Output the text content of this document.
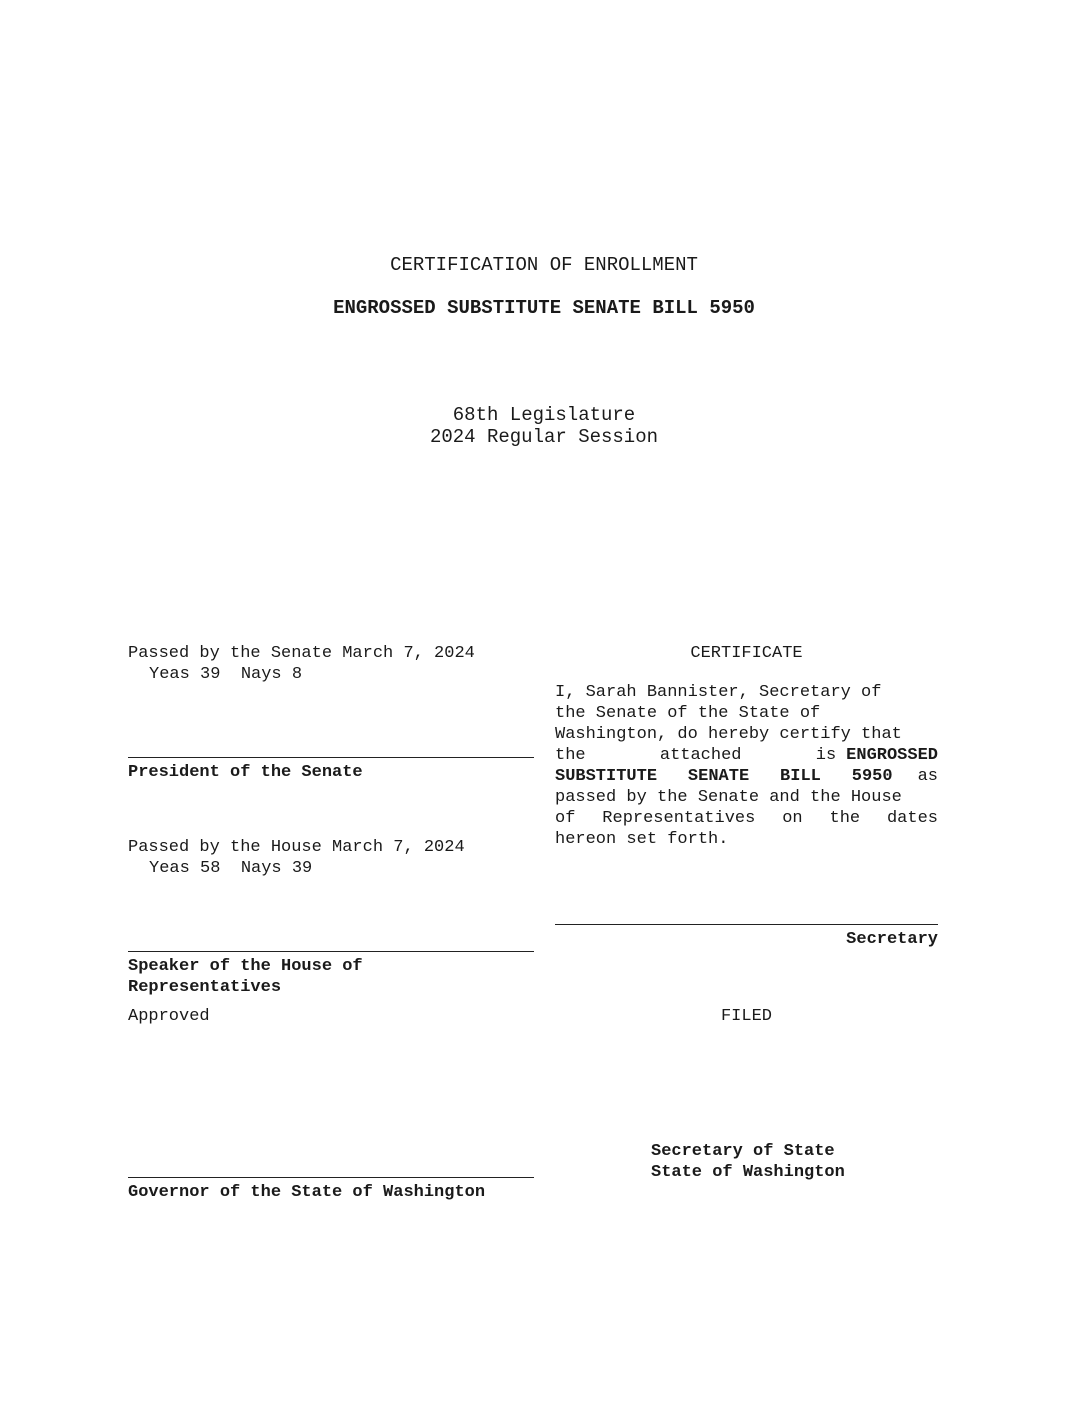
CERTIFICATION OF ENROLLMENT

ENGROSSED SUBSTITUTE SENATE BILL 5950

68th Legislature

2024 Regular Session

Passed by the Senate March 7, 2024

Yeas 39  Nays 8

President of the Senate

Passed by the House March 7, 2024

Yeas 58  Nays 39

Speaker of the House of

Representatives

Approved

Governor of the State of Washington

CERTIFICATE

I, Sarah Bannister, Secretary of
the Senate of the State of
Washington, do hereby certify that
the attached is ENGROSSED
SUBSTITUTE SENATE BILL 5950 as
passed by the Senate and the House
of Representatives on the dates
hereon set forth.

Secretary

FILED

Secretary of State

State of Washington
